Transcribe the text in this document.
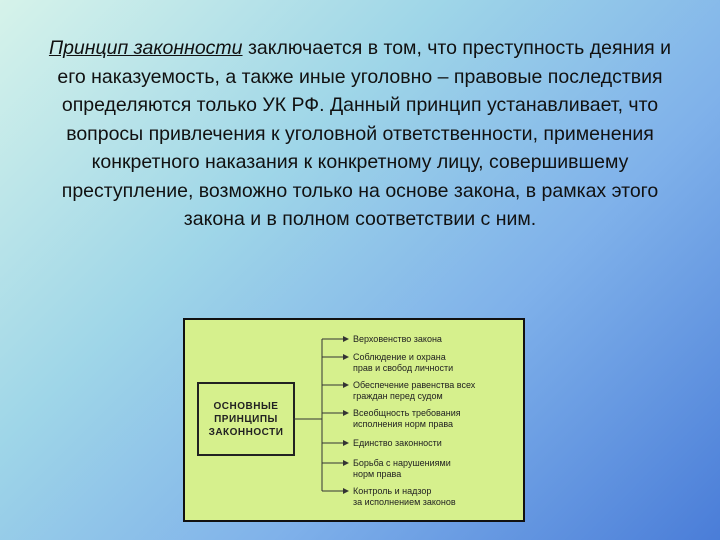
Принцип законности заключается в том, что преступность деяния и его наказуемость, а также иные уголовно – правовые последствия определяются только УК РФ. Данный принцип устанавливает, что вопросы привлечения к уголовной ответственности, применения конкретного наказания к конкретному лицу, совершившему преступление, возможно только на основе закона, в рамках этого закона и в полном соответствии с ним.
ОСНОВНЫЕ
ПРИНЦИПЫ
ЗАКОННОСТИ
Верховенство закона
Соблюдение и охрана
прав и свобод личности
Обеспечение равенства всех
граждан перед судом
Всеобщность требования
исполнения норм права
Единство законности
Борьба с нарушениями
норм права
Контроль и надзор
за исполнением законов
